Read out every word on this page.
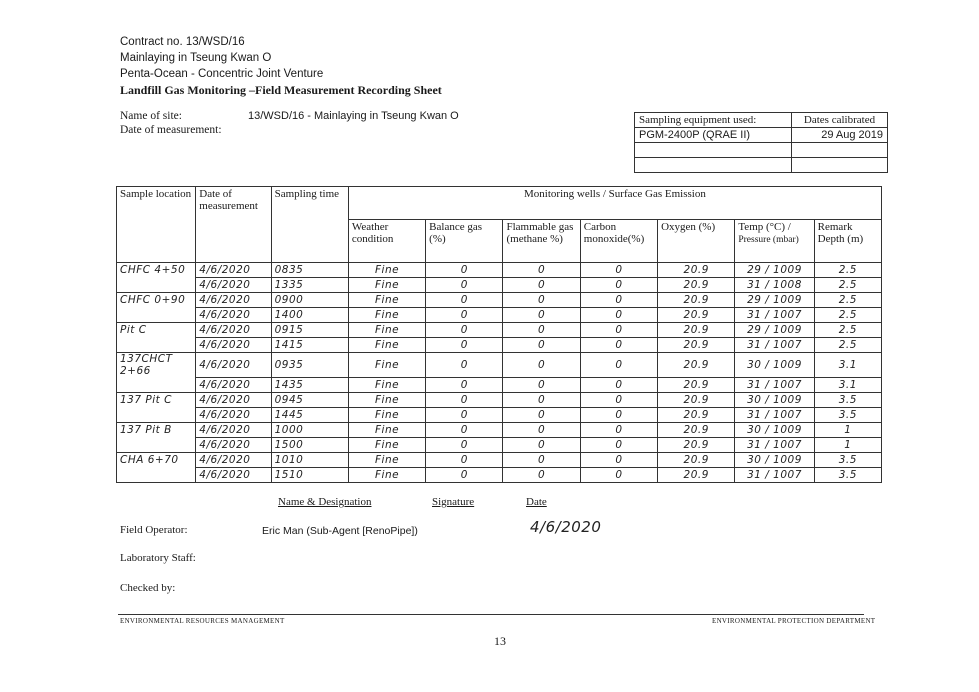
Contract no. 13/WSD/16
Mainlaying in Tseung Kwan O
Penta-Ocean - Concentric Joint Venture
Landfill Gas Monitoring –Field Measurement Recording Sheet
Name of site:	13/WSD/16 - Mainlaying in Tseung Kwan O
Date of measurement:
Sampling equipment used:	Dates calibrated
PGM-2400P (QRAE II)	29 Aug 2019

Sample location	Date of measurement	Sampling time	Monitoring wells / Surface Gas Emission						
			Weather condition	Balance gas (%)	Flammable gas (methane %)	Carbon monoxide(%)	Oxygen (%)	Temp (°C) /
Pressure (mbar)	Remark Depth (m)
CHFC 4+50	4/6/2020	0835	Fine	0	0	0	20.9	29 / 1009	2.5
	4/6/2020	1335	Fine	0	0	0	20.9	31 / 1008	2.5
CHFC 0+90	4/6/2020	0900	Fine	0	0	0	20.9	29 / 1009	2.5
	4/6/2020	1400	Fine	0	0	0	20.9	31 / 1007	2.5
Pit C	4/6/2020	0915	Fine	0	0	0	20.9	29 / 1009	2.5
	4/6/2020	1415	Fine	0	0	0	20.9	31 / 1007	2.5
137CHCT 2+66	4/6/2020	0935	Fine	0	0	0	20.9	30 / 1009	3.1
	4/6/2020	1435	Fine	0	0	0	20.9	31 / 1007	3.1
137 Pit C	4/6/2020	0945	Fine	0	0	0	20.9	30 / 1009	3.5
	4/6/2020	1445	Fine	0	0	0	20.9	31 / 1007	3.5
137 Pit B	4/6/2020	1000	Fine	0	0	0	20.9	30 / 1009	1
	4/6/2020	1500	Fine	0	0	0	20.9	31 / 1007	1
CHA 6+70	4/6/2020	1010	Fine	0	0	0	20.9	30 / 1009	3.5
	4/6/2020	1510	Fine	0	0	0	20.9	31 / 1007	3.5
Name & Designation	Signature	Date
Field Operator:	Eric Man (Sub-Agent [RenoPipe])	4/6/2020
Laboratory Staff:
Checked by:
ENVIRONMENTAL RESOURCES MANAGEMENT	ENVIRONMENTAL PROTECTION DEPARTMENT
13
